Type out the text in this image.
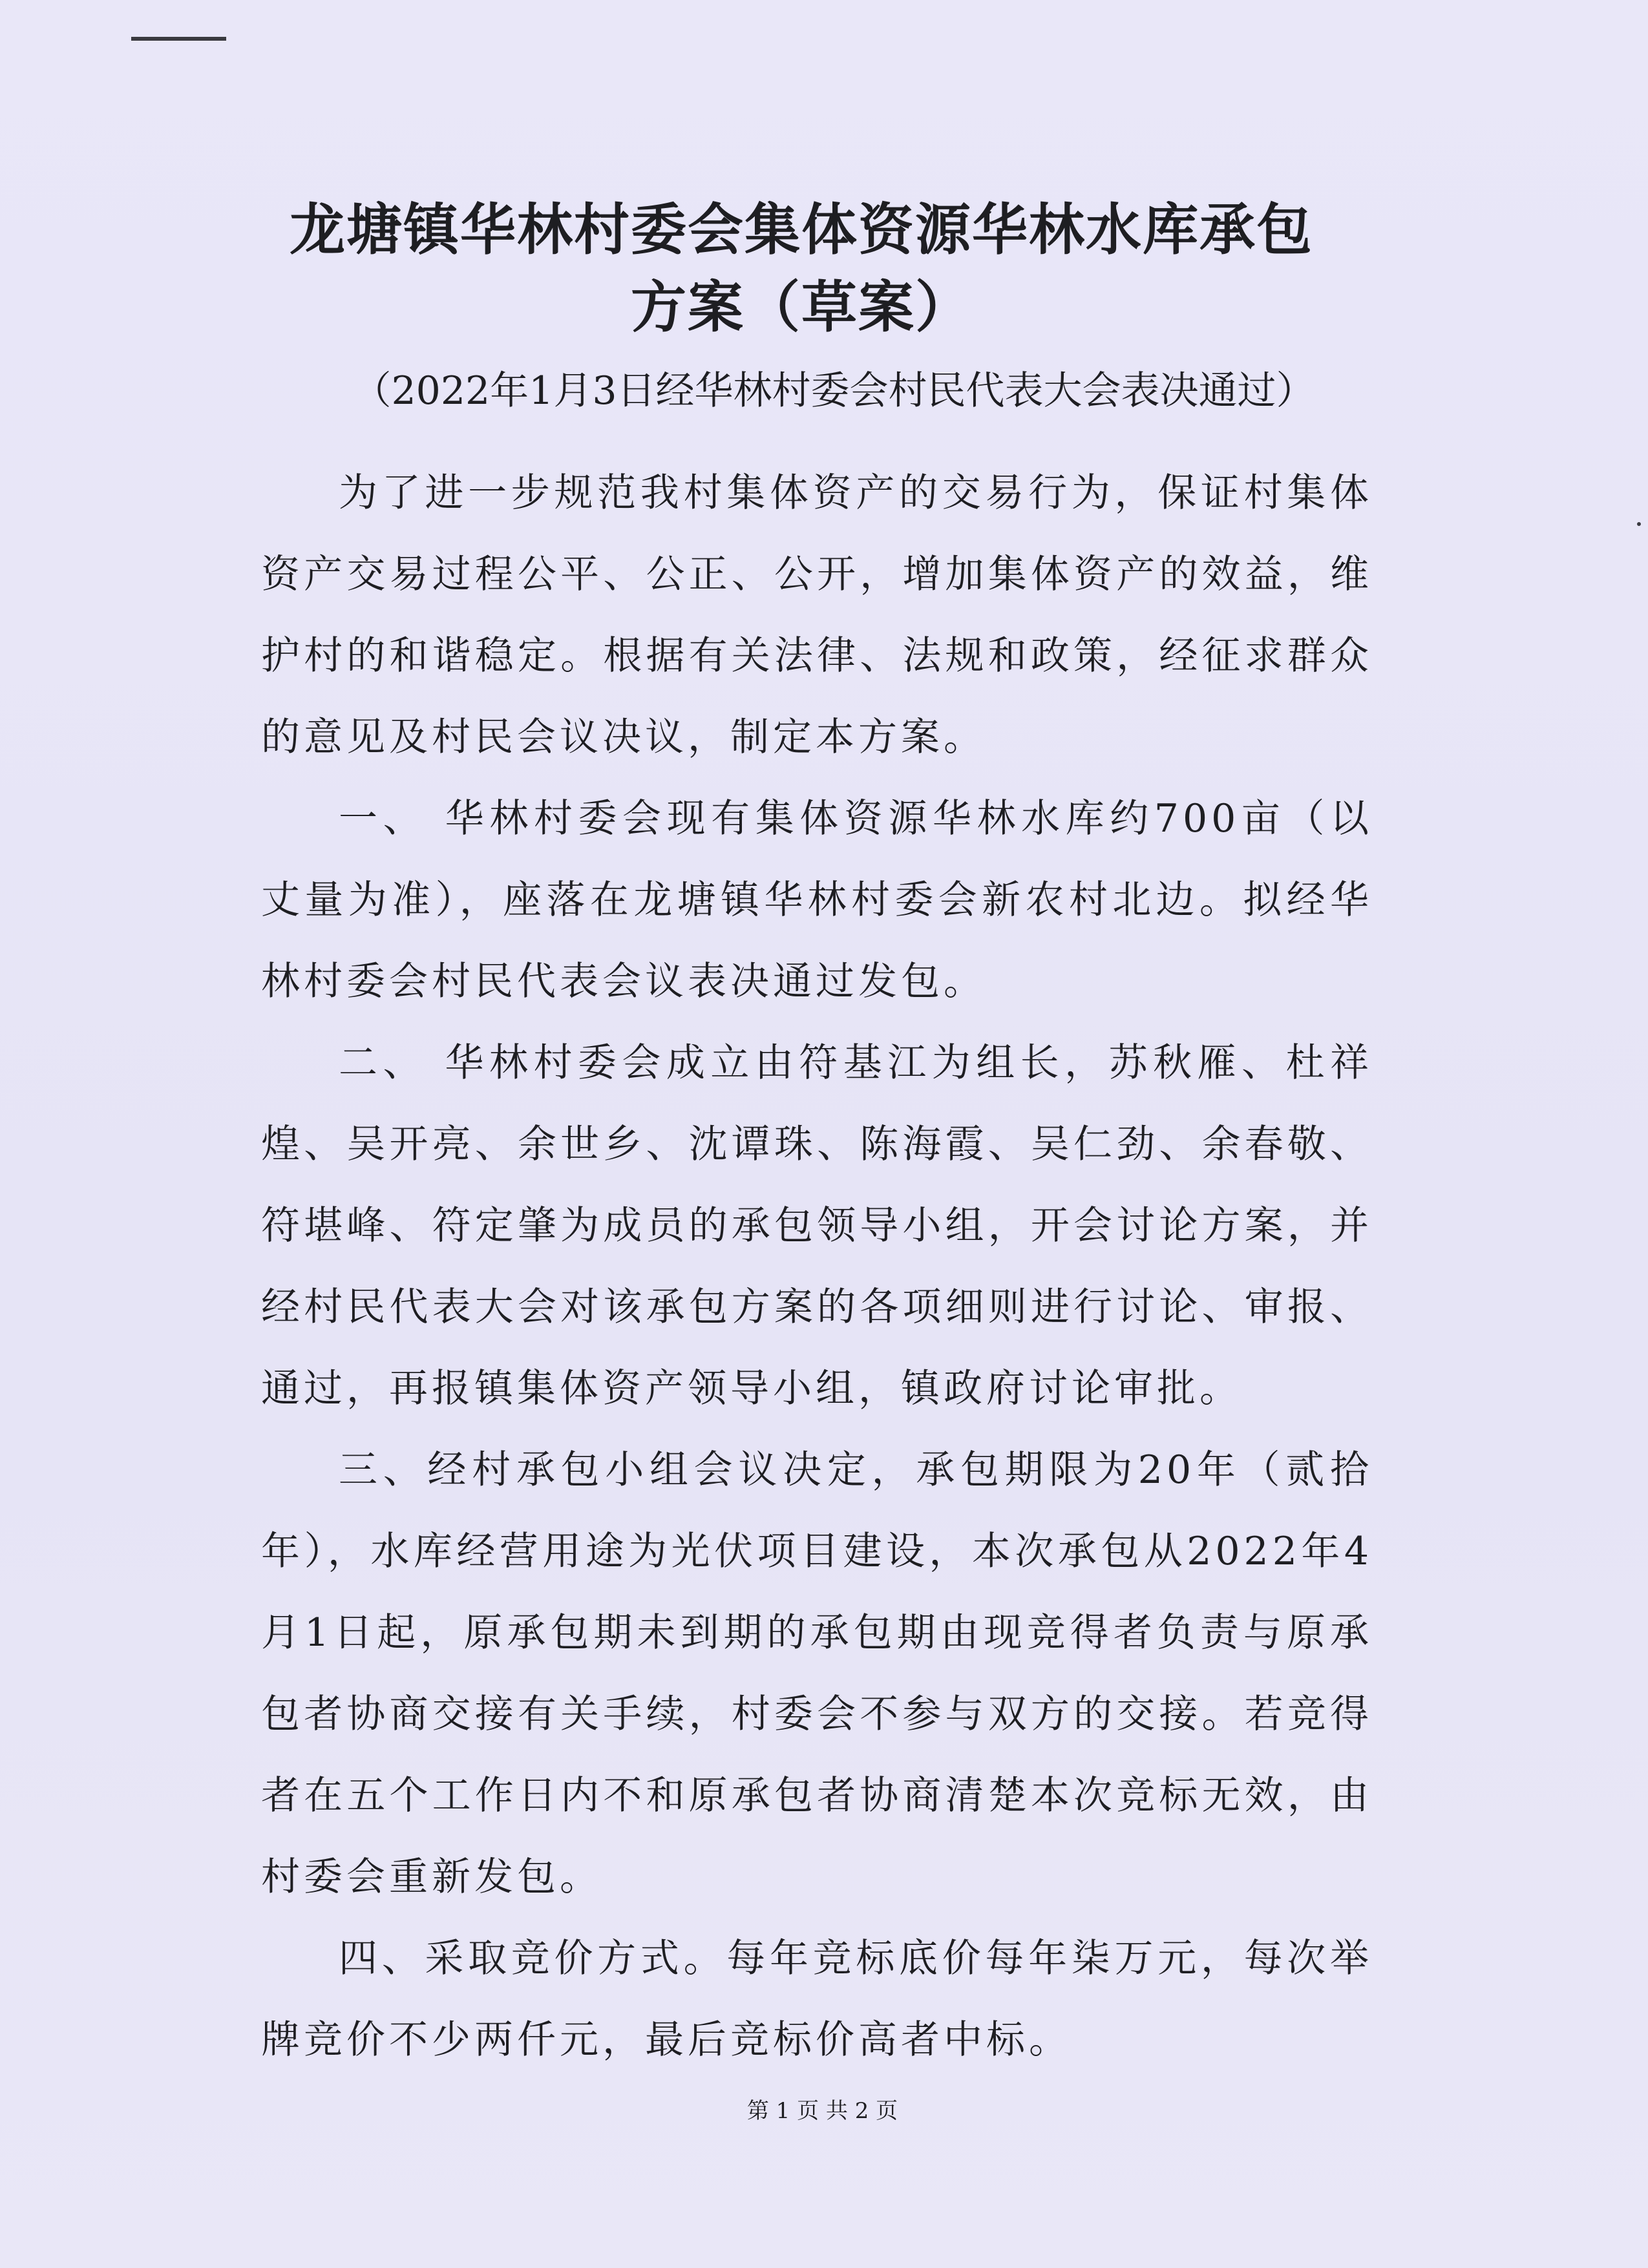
龙塘镇华林村委会集体资源华林水库承包
方案（草案）
（2022年1月3日经华林村委会村民代表大会表决通过）

为了进一步规范我村集体资产的交易行为，保证村集体资产交易过程公平、公正、公开，增加集体资产的效益，维护村的和谐稳定。根据有关法律、法规和政策，经征求群众的意见及村民会议决议，制定本方案。

一、 华林村委会现有集体资源华林水库约700亩（以丈量为准），座落在龙塘镇华林村委会新农村北边。拟经华林村委会村民代表会议表决通过发包。

二、 华林村委会成立由符基江为组长，苏秋雁、杜祥煌、吴开亮、余世乡、沈谭珠、陈海霞、吴仁劲、余春敬、符堪峰、符定肇为成员的承包领导小组，开会讨论方案，并经村民代表大会对该承包方案的各项细则进行讨论、审报、通过，再报镇集体资产领导小组，镇政府讨论审批。

三、经村承包小组会议决定，承包期限为20年（贰拾年），水库经营用途为光伏项目建设，本次承包从2022年4月1日起，原承包期未到期的承包期由现竞得者负责与原承包者协商交接有关手续，村委会不参与双方的交接。若竞得者在五个工作日内不和原承包者协商清楚本次竞标无效，由村委会重新发包。

四、采取竞价方式。每年竞标底价每年柒万元，每次举牌竞价不少两仟元，最后竞标价高者中标。

第 1 页 共 2 页
